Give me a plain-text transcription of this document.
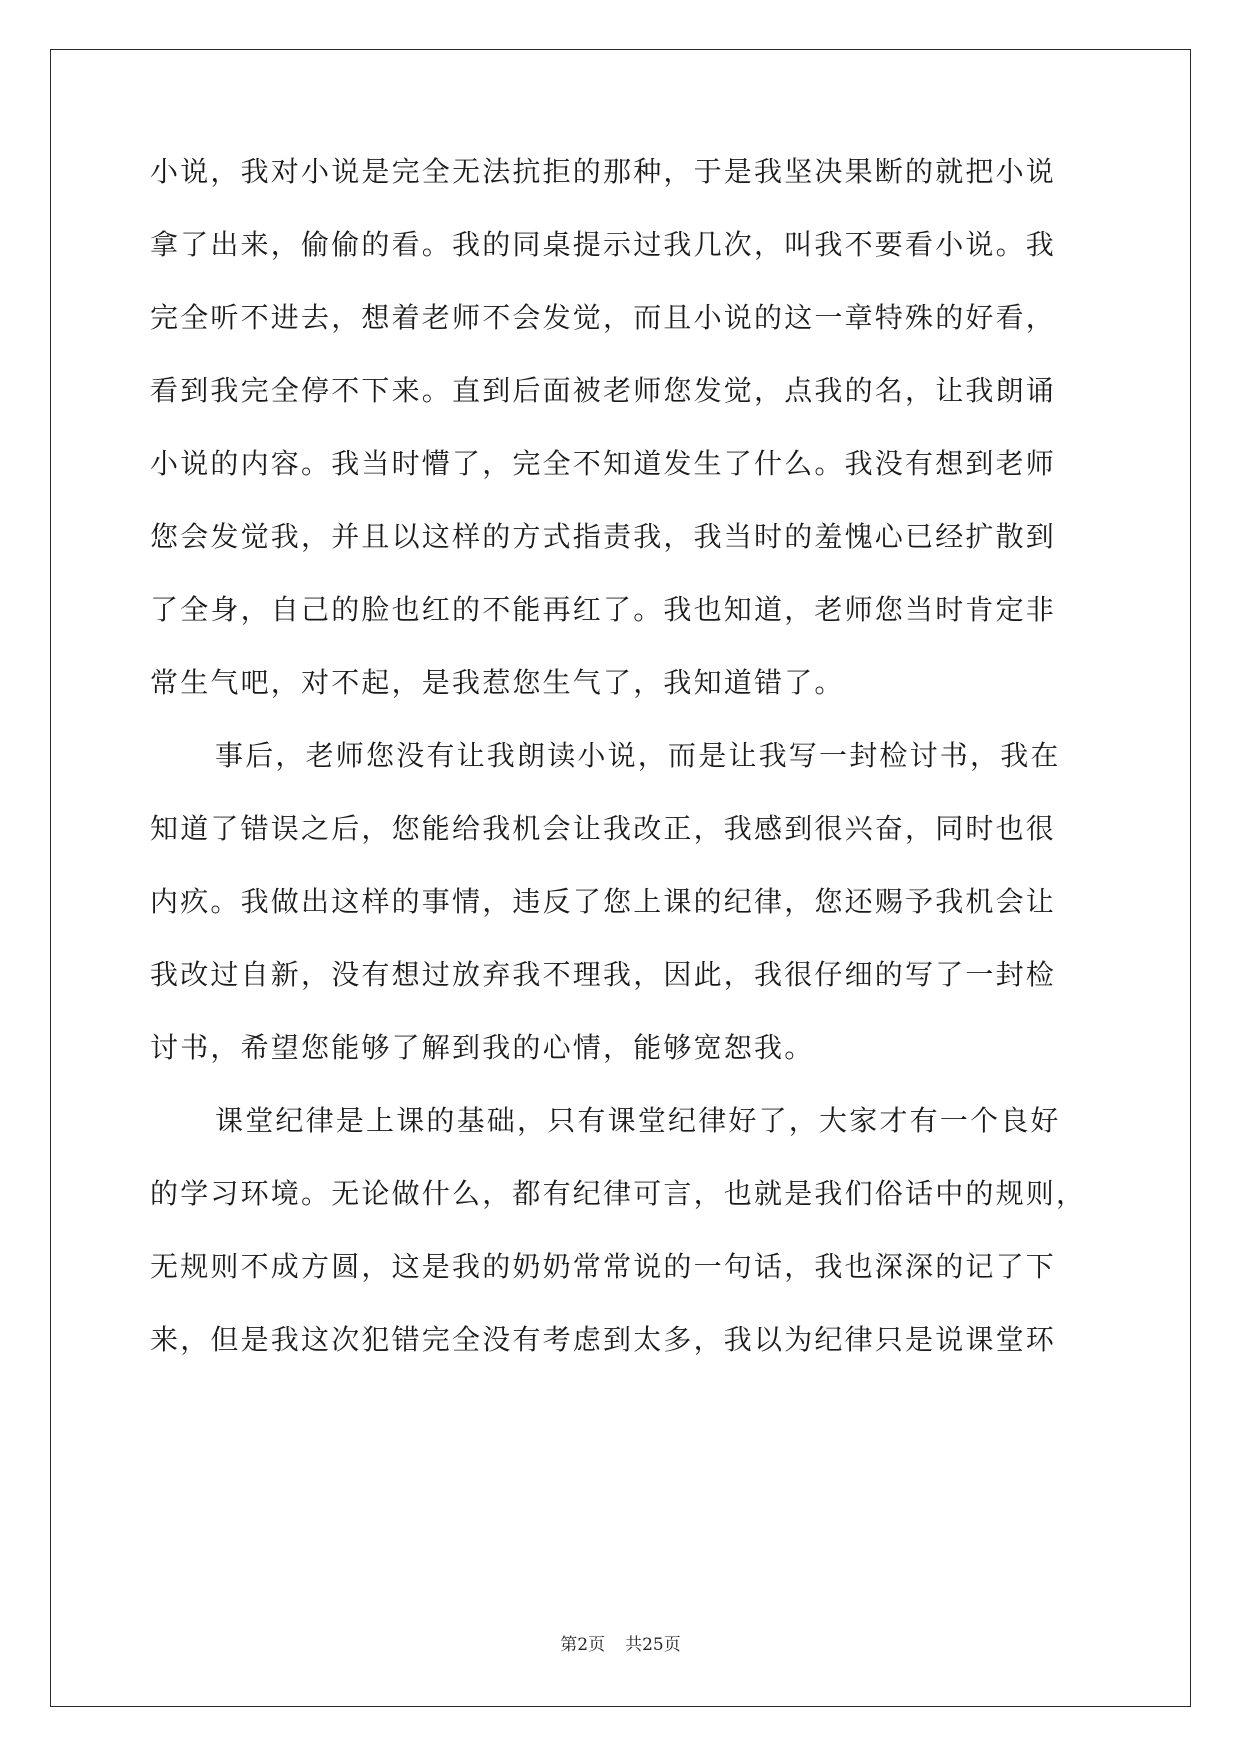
小说，我对小说是完全无法抗拒的那种，于是我坚决果断的就把小说
拿了出来，偷偷的看。我的同桌提示过我几次，叫我不要看小说。我
完全听不进去，想着老师不会发觉，而且小说的这一章特殊的好看，
看到我完全停不下来。直到后面被老师您发觉，点我的名，让我朗诵
小说的内容。我当时懵了，完全不知道发生了什么。我没有想到老师
您会发觉我，并且以这样的方式指责我，我当时的羞愧心已经扩散到
了全身，自己的脸也红的不能再红了。我也知道，老师您当时肯定非
常生气吧，对不起，是我惹您生气了，我知道错了。
事后，老师您没有让我朗读小说，而是让我写一封检讨书，我在
知道了错误之后，您能给我机会让我改正，我感到很兴奋，同时也很
内疚。我做出这样的事情，违反了您上课的纪律，您还赐予我机会让
我改过自新，没有想过放弃我不理我，因此，我很仔细的写了一封检
讨书，希望您能够了解到我的心情，能够宽恕我。
课堂纪律是上课的基础，只有课堂纪律好了，大家才有一个良好
的学习环境。无论做什么，都有纪律可言，也就是我们俗话中的规则，
无规则不成方圆，这是我的奶奶常常说的一句话，我也深深的记了下
来，但是我这次犯错完全没有考虑到太多，我以为纪律只是说课堂环
第2页 共25页
